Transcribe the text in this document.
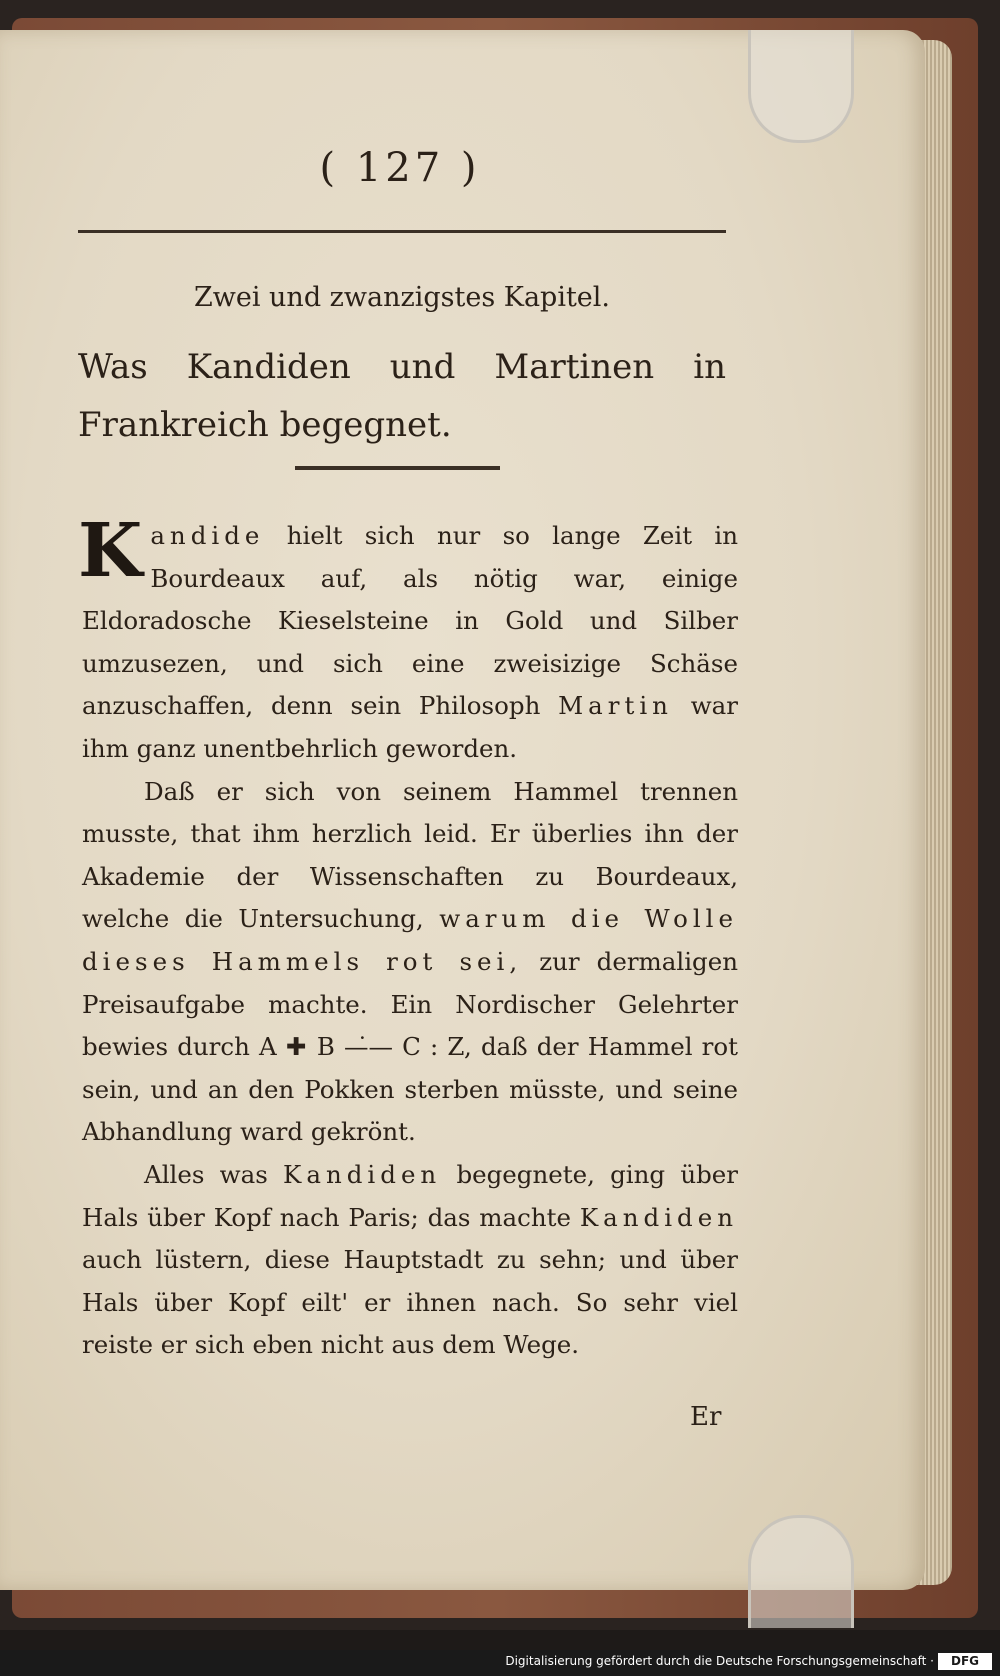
( 127 )
Zwei und zwanzigstes Kapitel.
Was Kandiden und Martinen in Frankreich begegnet.

Kandide hielt sich nur so lange Zeit in Bourdeaux auf, als nötig war, einige Eldoradosche Kieselsteine in Gold und Silber umzusezen, und sich eine zweisizige Schäse anzuschaffen, denn sein Philosoph Martin war ihm ganz unentbehrlich geworden.

Daß er sich von seinem Hammel trennen musste, that ihm herzlich leid. Er überlies ihn der Akademie der Wissenschaften zu Bourdeaux, welche die Untersuchung, warum die Wolle dieses Hammels rot sei, zur dermaligen Preisaufgabe machte. Ein Nordischer Gelehrter bewies durch A ✚ B —̇— C : Z, daß der Hammel rot sein, und an den Pokken sterben müsste, und seine Abhandlung ward gekrönt.

Alles was Kandiden begegnete, ging über Hals über Kopf nach Paris; das machte Kandiden auch lüstern, diese Hauptstadt zu sehn; und über Hals über Kopf eilt' er ihnen nach. So sehr viel reiste er sich eben nicht aus dem Wege.

Er
Digitalisierung gefördert durch die Deutsche Forschungsgemeinschaft ·	DFG
